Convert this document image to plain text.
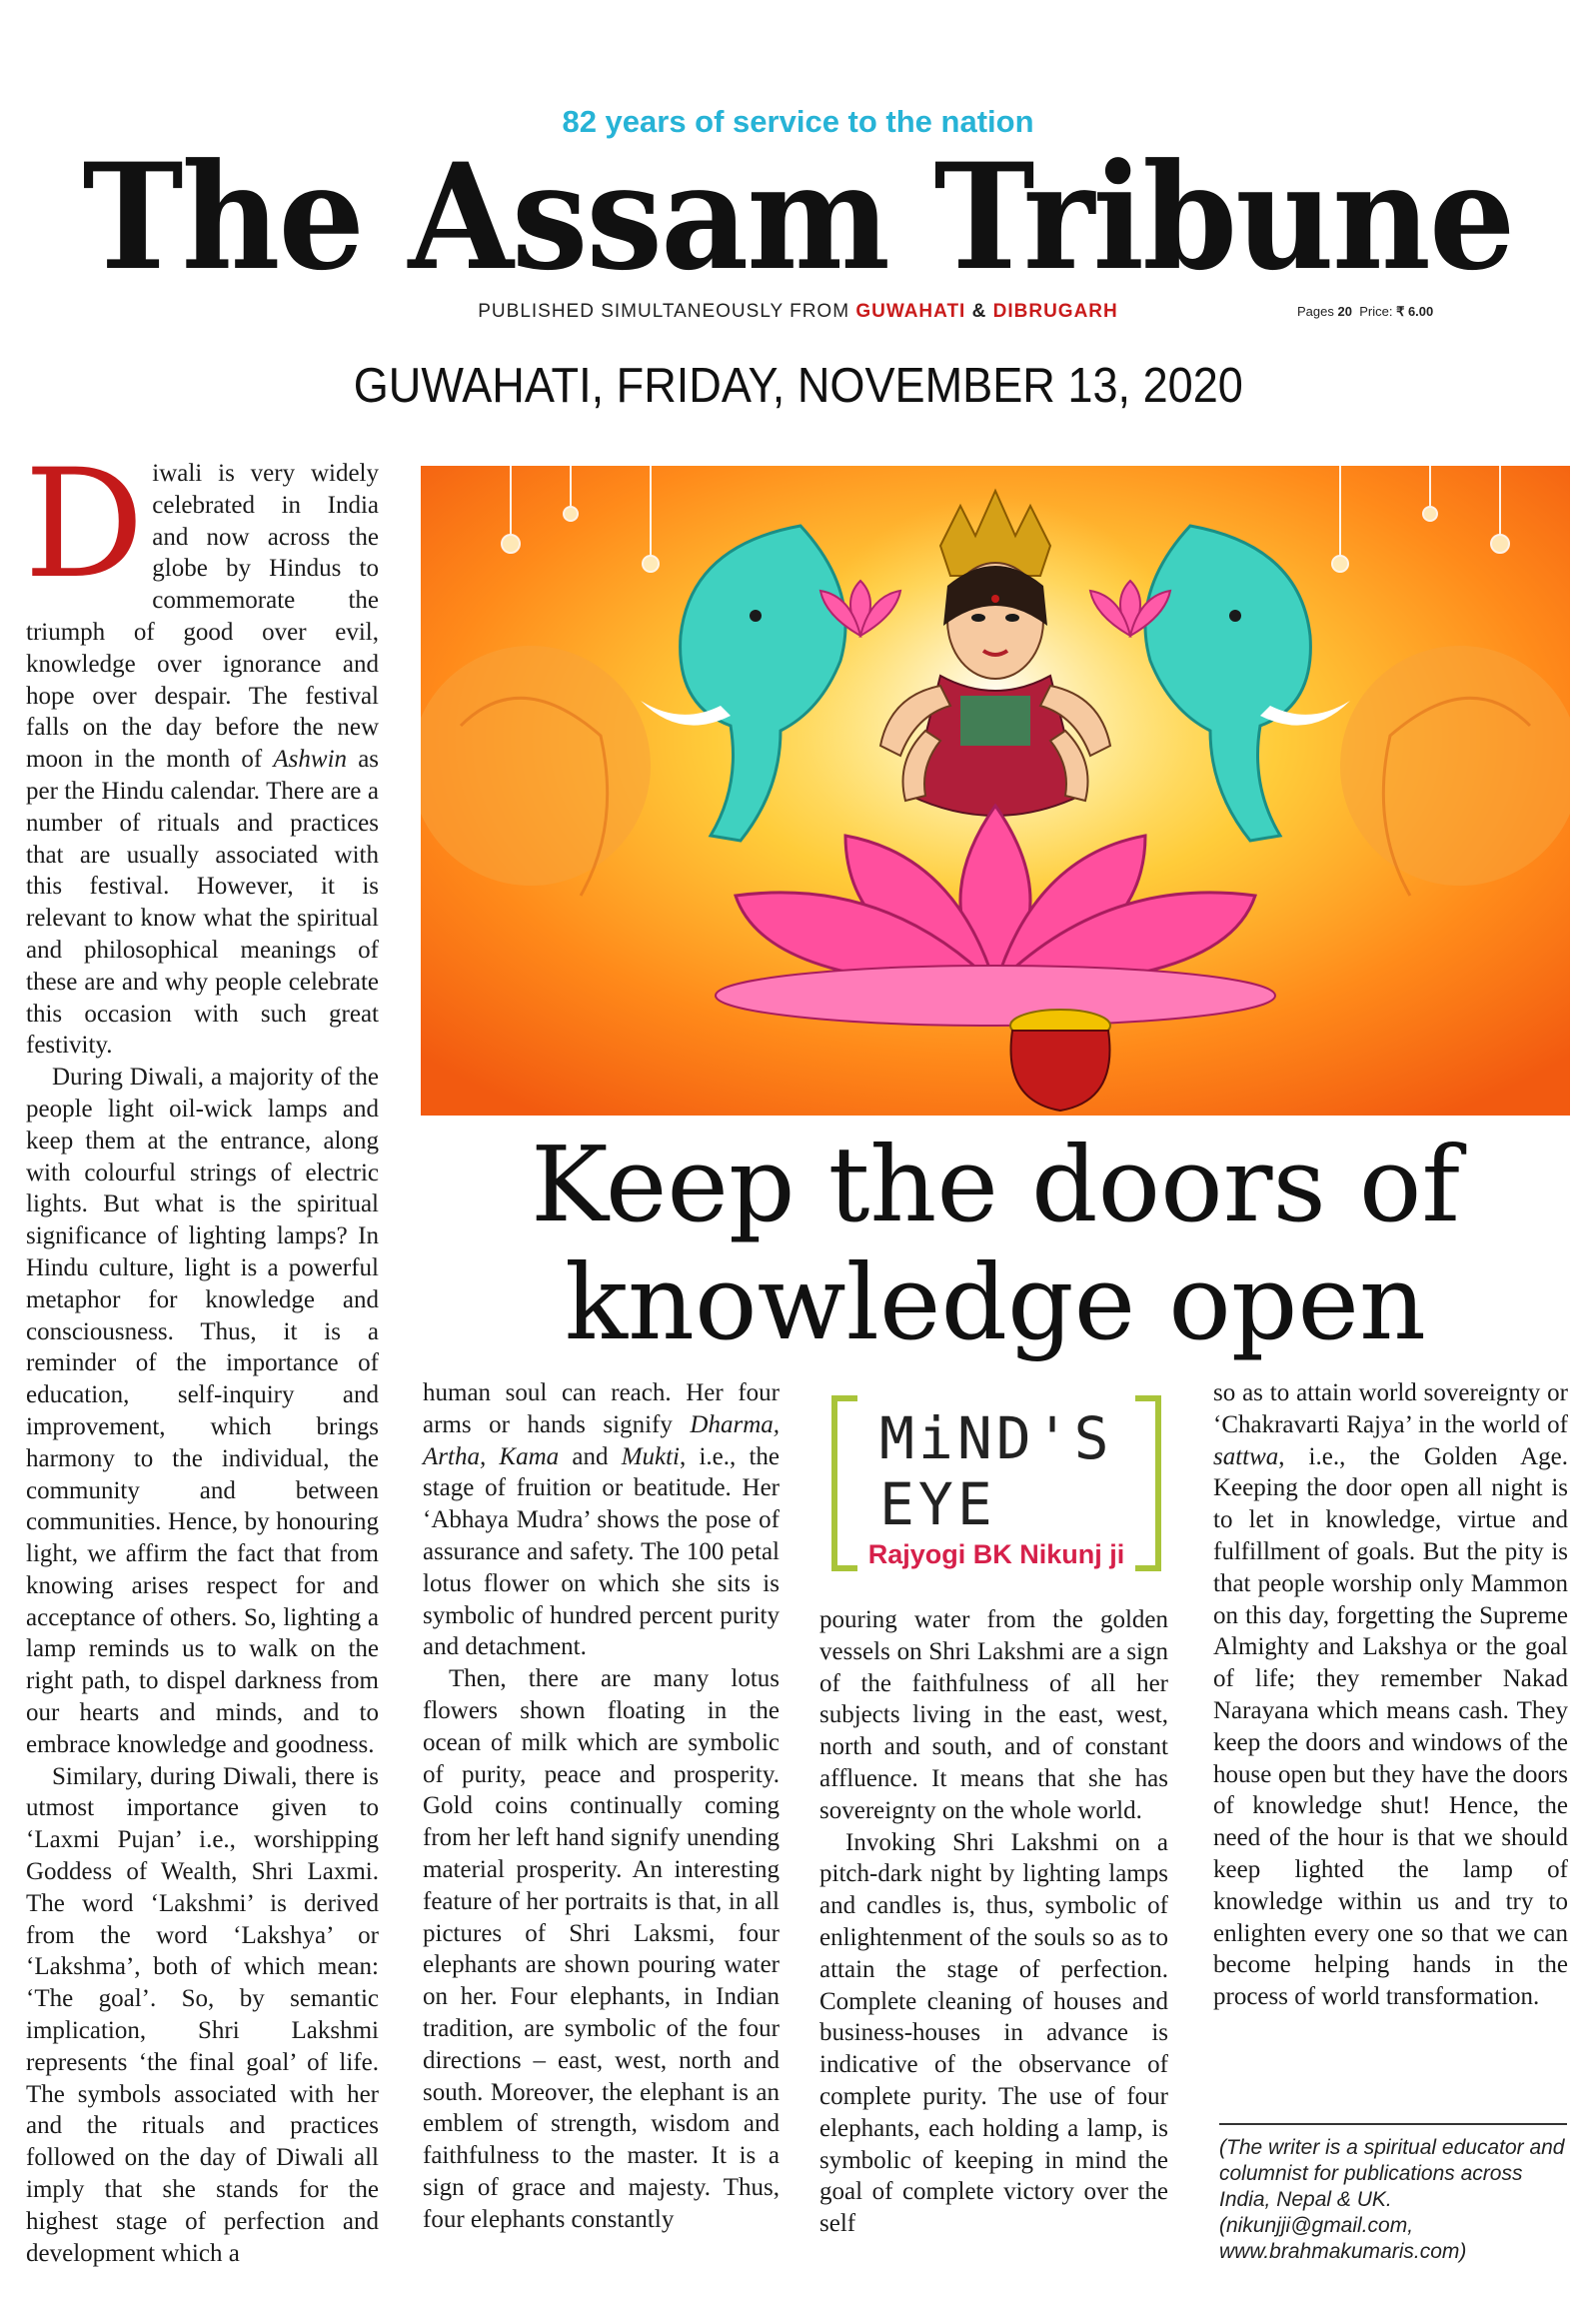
82 years of service to the nation
The Assam Tribune
PUBLISHED SIMULTANEOUSLY FROM GUWAHATI & DIBRUGARH	Pages 20 Price: ₹ 6.00
GUWAHATI, FRIDAY, NOVEMBER 13, 2020

Diwali is very widely celebrated in India and now across the globe by Hindus to commemorate the triumph of good over evil, knowledge over ignorance and hope over despair. The festival falls on the day before the new moon in the month of Ashwin as per the Hindu calendar. There are a number of rituals and practices that are usually associated with this festival. However, it is relevant to know what the spiritual and philosophical meanings of these are and why people celebrate this occasion with such great festivity.

During Diwali, a majority of the people light oil-wick lamps and keep them at the entrance, along with colourful strings of electric lights. But what is the spiritual significance of lighting lamps? In Hindu culture, light is a powerful metaphor for knowledge and consciousness. Thus, it is a reminder of the importance of education, self-inquiry and improvement, which brings harmony to the individual, the community and between communities. Hence, by honouring light, we affirm the fact that from knowing arises respect for and acceptance of others. So, lighting a lamp reminds us to walk on the right path, to dispel darkness from our hearts and minds, and to embrace knowledge and goodness.

Similary, during Diwali, there is utmost importance given to ‘Laxmi Pujan’ i.e., worshipping Goddess of Wealth, Shri Laxmi. The word ‘Lakshmi’ is derived from the word ‘Lakshya’ or ‘Lakshma’, both of which mean: ‘The goal’. So, by semantic implication, Shri Lakshmi represents ‘the final goal’ of life. The symbols associated with her and the rituals and practices followed on the day of Diwali all imply that she stands for the highest stage of perfection and development which a

Keep the doors of
knowledge open

human soul can reach. Her four arms or hands signify Dharma, Artha, Kama and Mukti, i.e., the stage of fruition or beatitude. Her ‘Abhaya Mudra’ shows the pose of assurance and safety. The 100 petal lotus flower on which she sits is symbolic of hundred percent purity and detachment.

Then, there are many lotus flowers shown floating in the ocean of milk which are symbolic of purity, peace and prosperity. Gold coins continually coming from her left hand signify unending material prosperity. An interesting feature of her portraits is that, in all pictures of Shri Laksmi, four elephants are shown pouring water on her. Four elephants, in Indian tradition, are symbolic of the four directions – east, west, north and south. Moreover, the elephant is an emblem of strength, wisdom and faithfulness to the master. It is a sign of grace and majesty. Thus, four elephants constantly

MiND'S
EYE
Rajyogi BK Nikunj ji

pouring water from the golden vessels on Shri Lakshmi are a sign of the faithfulness of all her subjects living in the east, west, north and south, and of constant affluence. It means that she has sovereignty on the whole world.

Invoking Shri Lakshmi on a pitch-dark night by lighting lamps and candles is, thus, symbolic of enlightenment of the souls so as to attain the stage of perfection. Complete cleaning of houses and business-houses in advance is indicative of the observance of complete purity. The use of four elephants, each holding a lamp, is symbolic of keeping in mind the goal of complete victory over the self

so as to attain world sovereignty or ‘Chakravarti Rajya’ in the world of sattwa, i.e., the Golden Age. Keeping the door open all night is to let in knowledge, virtue and fulfillment of goals. But the pity is that people worship only Mammon on this day, forgetting the Supreme Almighty and Lakshya or the goal of life; they remember Nakad Narayana which means cash. They keep the doors and windows of the house open but they have the doors of knowledge shut! Hence, the need of the hour is that we should keep lighted the lamp of knowledge within us and try to enlighten every one so that we can become helping hands in the process of world transformation.

(The writer is a spiritual educator and columnist for publications across India, Nepal & UK. (nikunjji@gmail.com, www.brahmakumaris.com)
